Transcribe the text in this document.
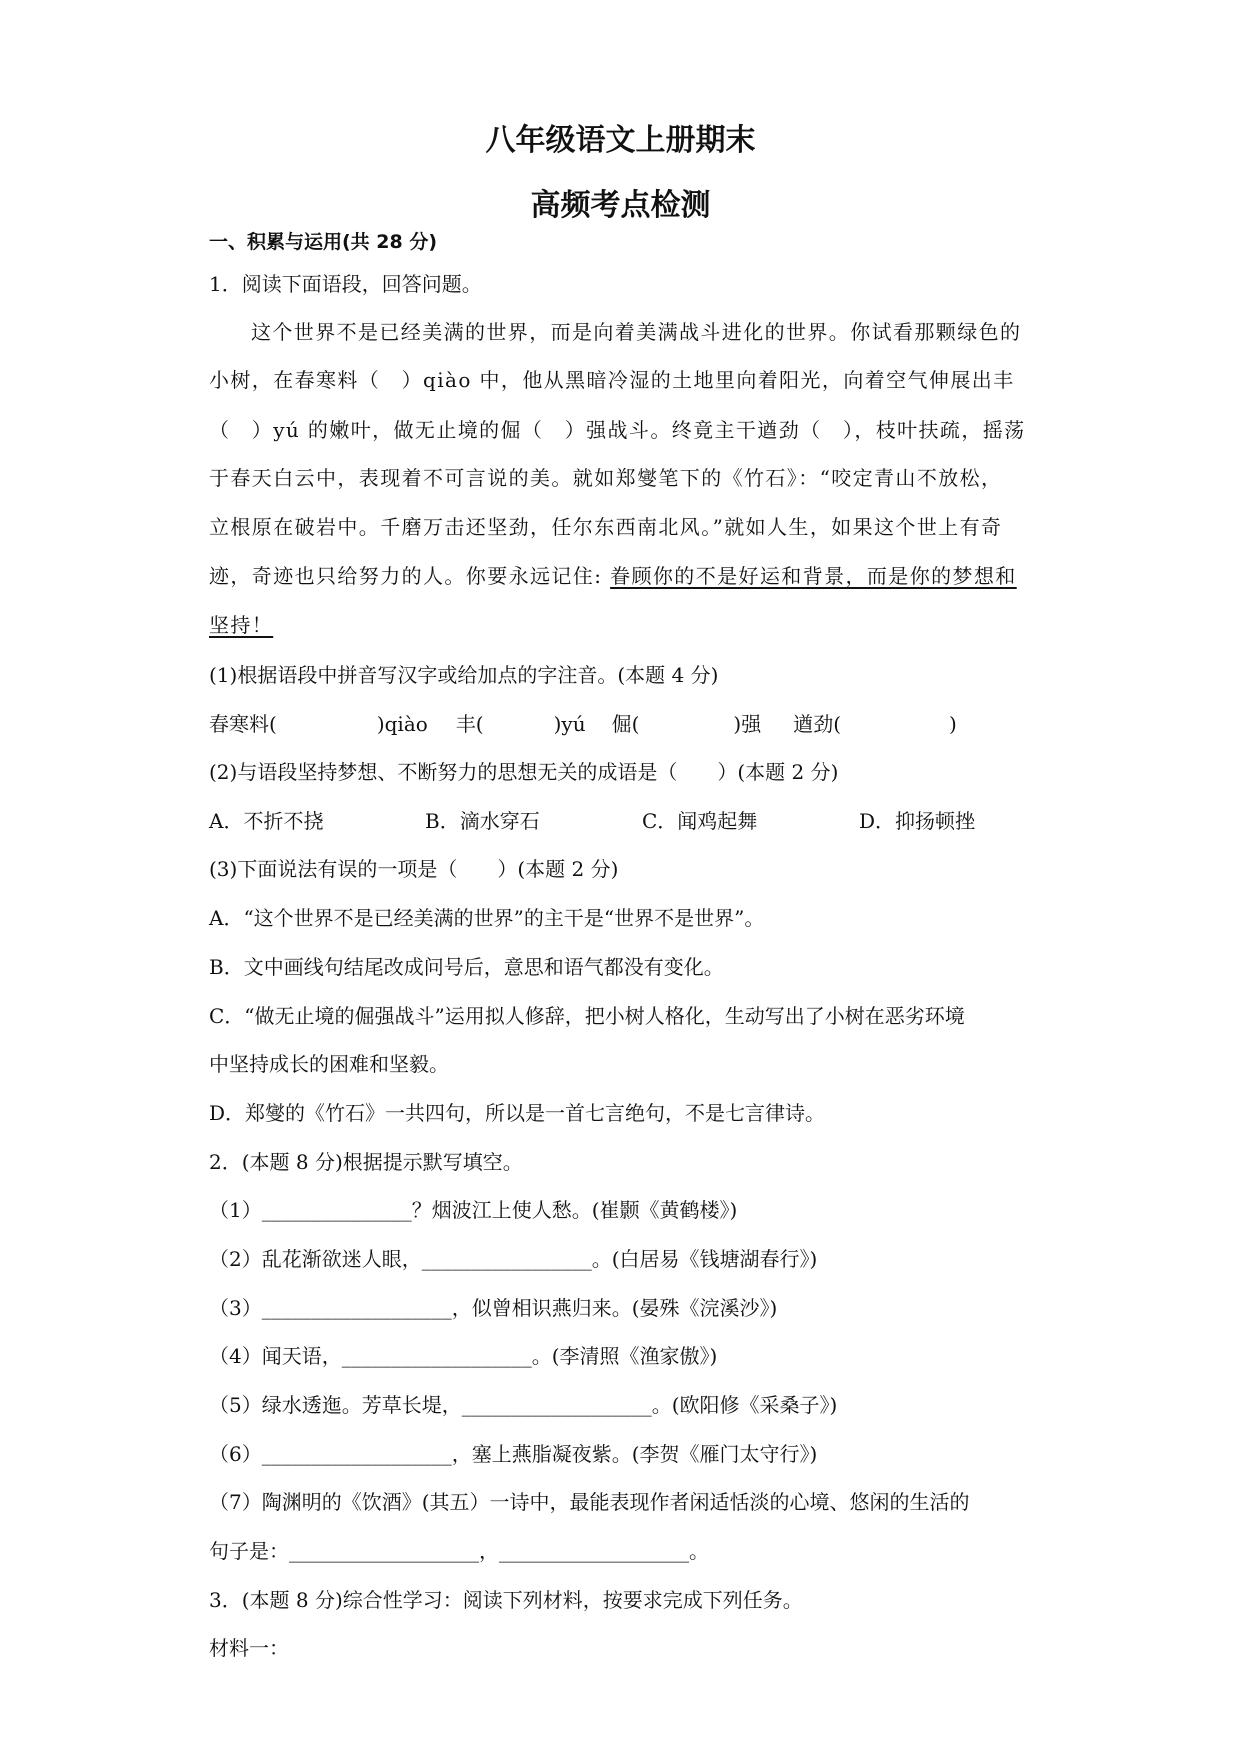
八年级语文上册期末
高频考点检测
一、积累与运用(共 28 分)
1．阅读下面语段，回答问题。
这个世界不是已经美满的世界，而是向着美满战斗进化的世界。你试看那颗绿色的
小树，在春寒料（　）qiào 中，他从黑暗冷湿的土地里向着阳光，向着空气伸展出丰
（　）yú 的嫩叶，做无止境的倔（　）强战斗。终竟主干遒劲（　），枝叶扶疏，摇荡
于春天白云中，表现着不可言说的美。就如郑燮笔下的《竹石》：“咬定青山不放松，
立根原在破岩中。千磨万击还坚劲，任尔东西南北风。”就如人生，如果这个世上有奇
迹，奇迹也只给努力的人。你要永远记住: 眷顾你的不是好运和背景，而是你的梦想和
坚持！
(1)根据语段中拼音写汉字或给加点的字注音。(本题 4 分)
春寒料(	)qiào 丰(	)yú 倔(	)强 遒劲(	)
(2)与语段坚持梦想、不断努力的思想无关的成语是（　　）(本题 2 分)
A．不折不挠	B．滴水穿石	C．闻鸡起舞	D．抑扬顿挫
(3)下面说法有误的一项是（　　）(本题 2 分)
A．“这个世界不是已经美满的世界”的主干是“世界不是世界”。
B．文中画线句结尾改成问号后，意思和语气都没有变化。
C．“做无止境的倔强战斗”运用拟人修辞，把小树人格化，生动写出了小树在恶劣环境
中坚持成长的困难和坚毅。
D．郑燮的《竹石》一共四句，所以是一首七言绝句，不是七言律诗。
2．(本题 8 分)根据提示默写填空。
（1）_______________？烟波江上使人愁。(崔颢《黄鹤楼》)
（2）乱花渐欲迷人眼，_________________。(白居易《钱塘湖春行》)
（3）___________________，似曾相识燕归来。(晏殊《浣溪沙》)
（4）闻天语，___________________。(李清照《渔家傲》)
（5）绿水透迤。芳草长堤，___________________。(欧阳修《采桑子》)
（6）___________________，塞上燕脂凝夜紫。(李贺《雁门太守行》)
（7）陶渊明的《饮酒》(其五）一诗中，最能表现作者闲适恬淡的心境、悠闲的生活的
句子是：___________________，___________________。
3．(本题 8 分)综合性学习：阅读下列材料，按要求完成下列任务。
材料一：
